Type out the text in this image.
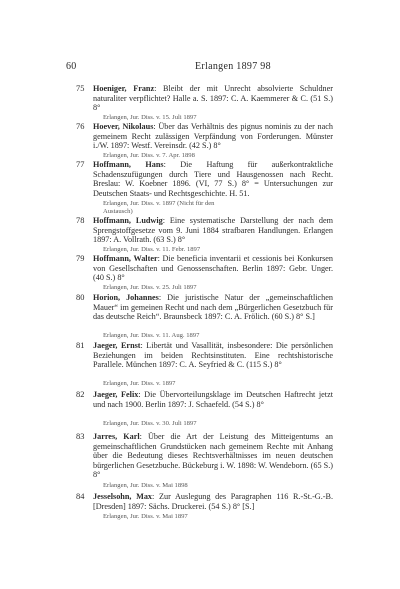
60	Erlangen 1897 98
75 Hoeniger, Franz: Bleibt der mit Unrecht absolvierte Schuldner naturaliter verpflichtet? Halle a. S. 1897: C. A. Kaemmerer & C. (51 S.) 8°
Erlangen, Jur. Diss. v. 15. Juli 1897
76 Hoever, Nikolaus: Über das Verhältnis des pignus nominis zu der nach gemeinem Recht zulässigen Verpfändung von Forderungen. Münster i./W. 1897: Westf. Vereinsdr. (42 S.) 8°
Erlangen, Jur. Diss. v. 7. Apr. 1898
77 Hoffmann, Hans: Die Haftung für außerkontraktliche Schadenszufügungen durch Tiere und Hausgenossen nach Recht. Breslau: W. Koebner 1896. (VI, 77 S.) 8° = Untersuchungen zur Deutschen Staats- und Rechtsgeschichte. H. 51.
Erlangen, Jur. Diss. v. 1897 (Nicht für den Austausch)
78 Hoffmann, Ludwig: Eine systematische Darstellung der nach dem Sprengstoffgesetze vom 9. Juni 1884 strafbaren Handlungen. Erlangen 1897: A. Vollrath. (63 S.) 8°
Erlangen, Jur. Diss. v. 11. Febr. 1897
79 Hoffmann, Walter: Die beneficia inventarii et cessionis bei Konkursen von Gesellschaften und Genossenschaften. Berlin 1897: Gebr. Unger. (40 S.) 8°
Erlangen, Jur. Diss. v. 25. Juli 1897
80 Horion, Johannes: Die juristische Natur der „gemeinschaftlichen Mauer“ im gemeinen Recht und nach dem „Bürgerlichen Gesetzbuch für das deutsche Reich“. Braunsbeck 1897: C. A. Frölich. (60 S.) 8° S.]
Erlangen, Jur. Diss. v. 11. Aug. 1897
81 Jaeger, Ernst: Libertät und Vasallität, insbesondere: Die persönlichen Beziehungen im beiden Rechtsinstituten. Eine rechtshistorische Parallele. München 1897: C. A. Seyfried & C. (115 S.) 8°
Erlangen, Jur. Diss. v. 1897
82 Jaeger, Felix: Die Übervorteilungsklage im Deutschen Haftrecht jetzt und nach 1900. Berlin 1897: J. Schaefeld. (54 S.) 8°
Erlangen, Jur. Diss. v. 30. Juli 1897
83 Jarres, Karl: Über die Art der Leistung des Mitteigentums an gemeinschaftlichen Grundstücken nach gemeinem Rechte mit Anhang über die Bedeutung dieses Rechtsverhältnisses im neuen deutschen bürgerlichen Gesetzbuche. Bückeburg i. W. 1898: W. Wendeborn. (65 S.) 8°
Erlangen, Jur. Diss. v. Mai 1898
84 Jesselsohn, Max: Zur Auslegung des Paragraphen 116 R.-St.-G.-B. [Dresden] 1897: Sächs. Druckerei. (54 S.) 8° [S.]
Erlangen, Jur. Diss. v. Mai 1897
